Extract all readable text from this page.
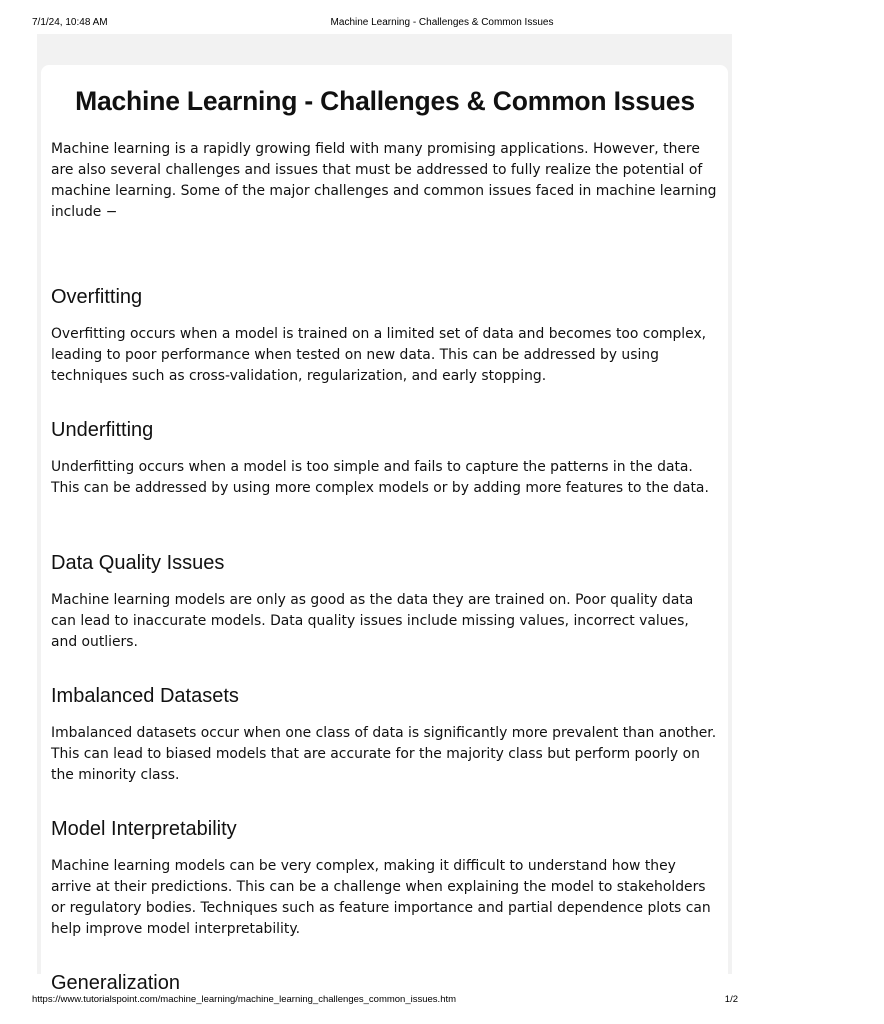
7/1/24, 10:48 AM	Machine Learning - Challenges & Common Issues
Machine Learning - Challenges & Common Issues

Machine learning is a rapidly growing field with many promising applications. However, there are also several challenges and issues that must be addressed to fully realize the potential of machine learning. Some of the major challenges and common issues faced in machine learning include −

Overfitting

Overfitting occurs when a model is trained on a limited set of data and becomes too complex, leading to poor performance when tested on new data. This can be addressed by using techniques such as cross-validation, regularization, and early stopping.

Underfitting

Underfitting occurs when a model is too simple and fails to capture the patterns in the data. This can be addressed by using more complex models or by adding more features to the data.

Data Quality Issues

Machine learning models are only as good as the data they are trained on. Poor quality data can lead to inaccurate models. Data quality issues include missing values, incorrect values, and outliers.

Imbalanced Datasets

Imbalanced datasets occur when one class of data is significantly more prevalent than another. This can lead to biased models that are accurate for the majority class but perform poorly on the minority class.

Model Interpretability

Machine learning models can be very complex, making it difficult to understand how they arrive at their predictions. This can be a challenge when explaining the model to stakeholders or regulatory bodies. Techniques such as feature importance and partial dependence plots can help improve model interpretability.

Generalization
https://www.tutorialspoint.com/machine_learning/machine_learning_challenges_common_issues.htm	1/2
